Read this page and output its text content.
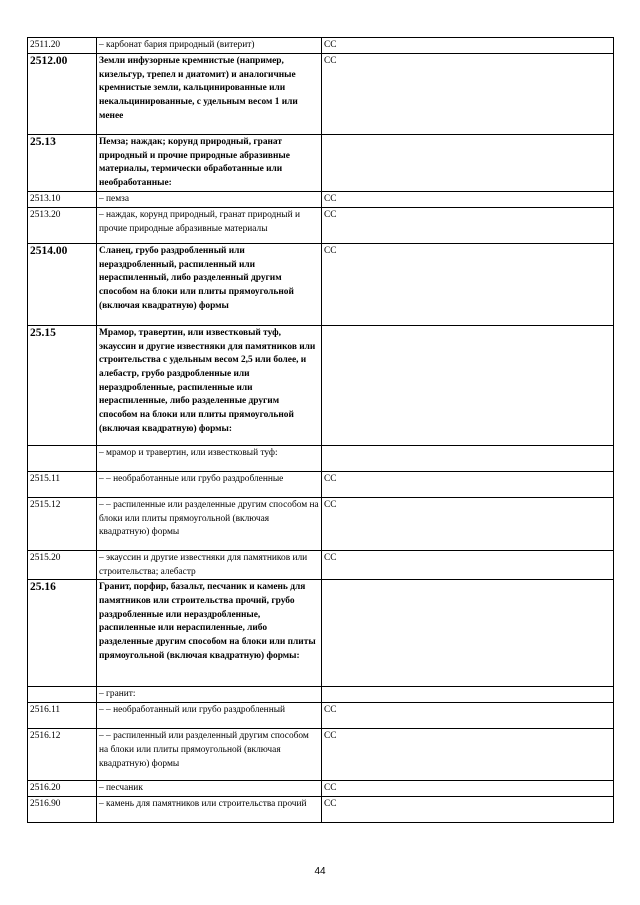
2511.20	– карбонат бария природный (витерит)	СС
2512.00	Земли инфузорные кремнистые (например, кизельгур, трепел и диатомит) и аналогичные кремнистые земли, кальцинированные или некальцинированные, с удельным весом 1 или менее	СС
25.13	Пемза; наждак; корунд природный, гранат природный и прочие природные абразивные материалы, термически обработанные или необработанные:	
2513.10	– пемза	СС
2513.20	– наждак, корунд природный, гранат природный и прочие природные абразивные материалы	СС
2514.00	Сланец, грубо раздробленный или нераздробленный, распиленный или нераспиленный, либо разделенный другим способом на блоки или плиты прямоугольной (включая квадратную) формы	СС
25.15	Мрамор, травертин, или известковый туф, экауссин и другие известняки для памятников или строительства с удельным весом 2,5 или более, и алебастр, грубо раздробленные или нераздробленные, распиленные или нераспиленные, либо разделенные другим способом на блоки или плиты прямоугольной (включая квадратную) формы:	
	– мрамор и травертин, или известковый туф:	
2515.11	– – необработанные или грубо раздробленные	СС
2515.12	– – распиленные или разделенные другим способом на блоки или плиты прямоугольной (включая квадратную) формы	СС
2515.20	– экауссин и другие известняки для памятников или строительства; алебастр	СС
25.16	Гранит, порфир, базальт, песчаник и камень для памятников или строительства прочий, грубо раздробленные или нераздробленные, распиленные или нераспиленные, либо разделенные другим способом на блоки или плиты прямоугольной (включая квадратную) формы:	
	– гранит:	
2516.11	– – необработанный или грубо раздробленный	СС
2516.12	– – распиленный или разделенный другим способом на блоки или плиты прямоугольной (включая квадратную) формы	СС
2516.20	– песчаник	СС
2516.90	– камень для памятников или строительства прочий	СС
44
